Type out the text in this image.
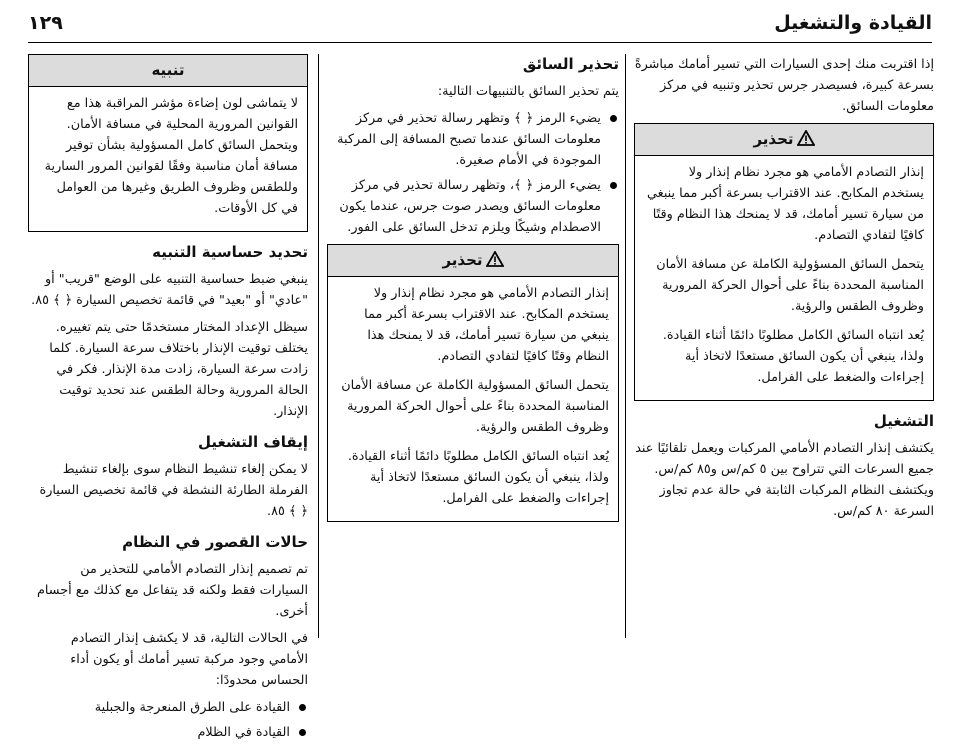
١٢٩	القيادة والتشغيل

إذا اقتربت منك إحدى السيارات التي تسير أمامك مباشرةً بسرعة كبيرة، فسيصدر جرس تحذير وتنبيه في مركز معلومات السائق.

تحذير

إنذار التصادم الأمامي هو مجرد نظام إنذار ولا يستخدم المكابح. عند الاقتراب بسرعة أكبر مما ينبغي من سيارة تسير أمامك، قد لا يمنحك هذا النظام وقتًا كافيًا لتفادي التصادم.

يتحمل السائق المسؤولية الكاملة عن مسافة الأمان المناسبة المحددة بناءً على أحوال الحركة المرورية وظروف الطقس والرؤية.

يُعد انتباه السائق الكامل مطلوبًا دائمًا أثناء القيادة. ولذا، ينبغي أن يكون السائق مستعدًا لاتخاذ أية إجراءات والضغط على الفرامل.

التشغيل

يكتشف إنذار التصادم الأمامي المركبات ويعمل تلقائيًا عند جميع السرعات التي تتراوح بين ٥ كم/س و٨٥ كم/س. ويكتشف النظام المركبات الثابتة في حالة عدم تجاوز السرعة ٨٠ كم/س.

تحذير السائق

يتم تحذير السائق بالتنبيهات التالية:

يضيء الرمز ﴿ ﴾ وتظهر رسالة تحذير في مركز معلومات السائق عندما تصبح المسافة إلى المركبة الموجودة في الأمام صغيرة.
يضيء الرمز ﴿ ﴾، وتظهر رسالة تحذير في مركز معلومات السائق ويصدر صوت جرس، عندما يكون الاصطدام وشيكًا ويلزم تدخل السائق على الفور.
تحذير

إنذار التصادم الأمامي هو مجرد نظام إنذار ولا يستخدم المكابح. عند الاقتراب بسرعة أكبر مما ينبغي من سيارة تسير أمامك، قد لا يمنحك هذا النظام وقتًا كافيًا لتفادي التصادم.

يتحمل السائق المسؤولية الكاملة عن مسافة الأمان المناسبة المحددة بناءً على أحوال الحركة المرورية وظروف الطقس والرؤية.

يُعد انتباه السائق الكامل مطلوبًا دائمًا أثناء القيادة. ولذا، ينبغي أن يكون السائق مستعدًا لاتخاذ أية إجراءات والضغط على الفرامل.

تنبيه

لا يتماشى لون إضاءة مؤشر المراقبة هذا مع القوانين المرورية المحلية في مسافة الأمان. ويتحمل السائق كامل المسؤولية بشأن توفير مسافة أمان مناسبة وفقًا لقوانين المرور السارية وللطقس وظروف الطريق وغيرها من العوامل في كل الأوقات.

تحديد حساسية التنبيه

ينبغي ضبط حساسية التنبيه على الوضع "قريب" أو "عادي" أو "بعيد" في قائمة تخصيص السيارة ﴿ ﴾ ٨٥.

سيظل الإعداد المختار مستخدمًا حتى يتم تغييره. يختلف توقيت الإنذار باختلاف سرعة السيارة. كلما زادت سرعة السيارة، زادت مدة الإنذار. فكر في الحالة المرورية وحالة الطقس عند تحديد توقيت الإنذار.

إيقاف التشغيل

لا يمكن إلغاء تنشيط النظام سوى بإلغاء تنشيط الفرملة الطارئة النشطة في قائمة تخصيص السيارة ﴿ ﴾ ٨٥.

حالات القصور في النظام

تم تصميم إنذار التصادم الأمامي للتحذير من السيارات فقط ولكنه قد يتفاعل مع كذلك مع أجسام أخرى.

في الحالات التالية، قد لا يكشف إنذار التصادم الأمامي وجود مركبة تسير أمامك أو يكون أداء الحساس محدودًا:

القيادة على الطرق المنعرجة والجبلية
القيادة في الظلام
